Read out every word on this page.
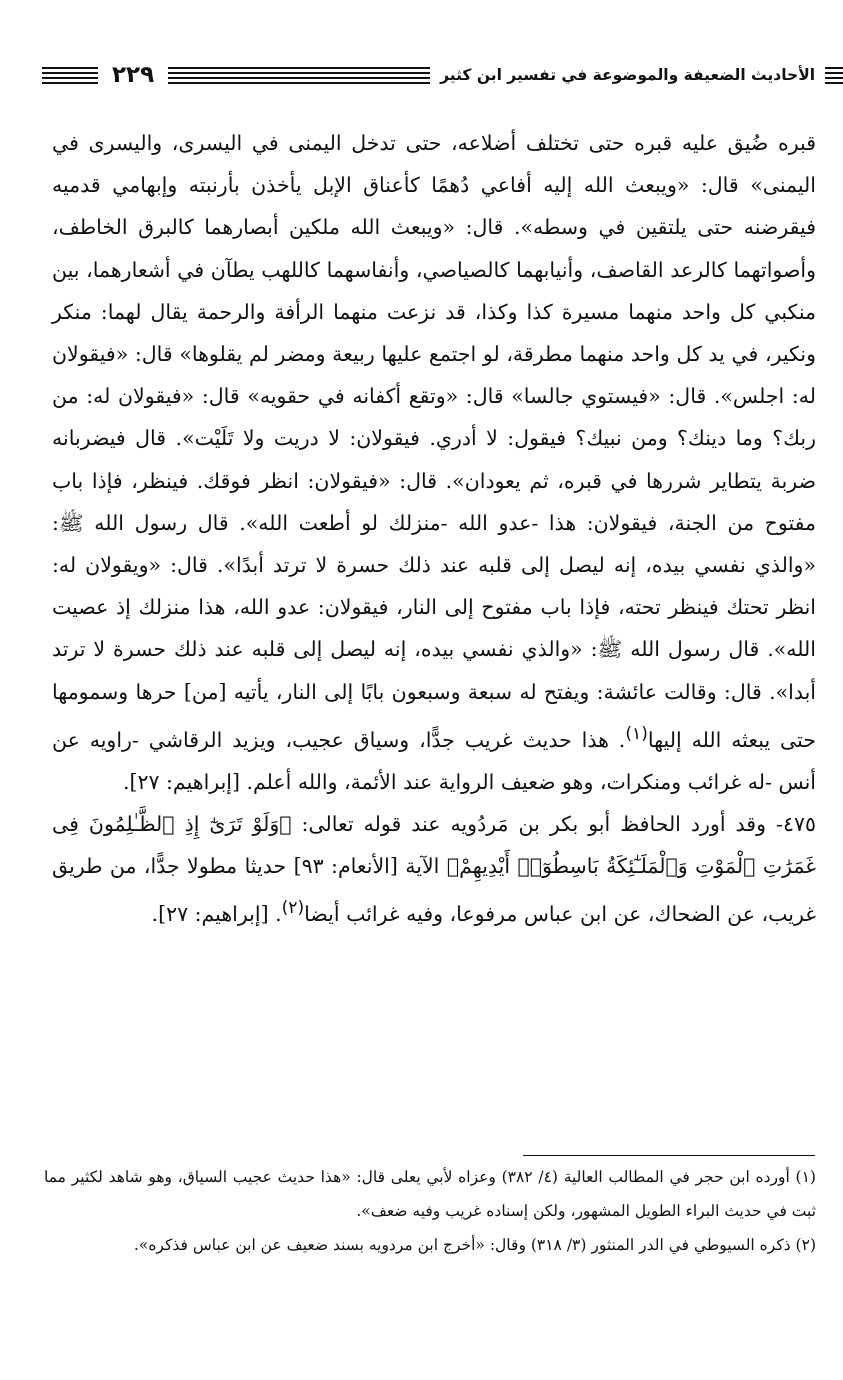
٢٢٩	الأحاديث الضعيفة والموضوعة في تفسير ابن كثير

قبره ضُيق عليه قبره حتى تختلف أضلاعه، حتى تدخل اليمنى في اليسرى، واليسرى في اليمنى» قال: «ويبعث الله إليه أفاعي دُهمًا كأعناق الإبل يأخذن بأرنبته وإبهامي قدميه فيقرضنه حتى يلتقين في وسطه». قال: «ويبعث الله ملكين أبصارهما كالبرق الخاطف، وأصواتهما كالرعد القاصف، وأنيابهما كالصياصي، وأنفاسهما كاللهب يطآن في أشعارهما، بين منكبي كل واحد منهما مسيرة كذا وكذا، قد نزعت منهما الرأفة والرحمة يقال لهما: منكر ونكير، في يد كل واحد منهما مطرقة، لو اجتمع عليها ربيعة ومضر لم يقلوها» قال: «فيقولان له: اجلس». قال: «فيستوي جالسا» قال: «وتقع أكفانه في حقويه» قال: «فيقولان له: من ربك؟ وما دينك؟ ومن نبيك؟ فيقول: لا أدري. فيقولان: لا دريت ولا تَلَيْت». قال فيضربانه ضربة يتطاير شررها في قبره، ثم يعودان». قال: «فيقولان: انظر فوقك. فينظر، فإذا باب مفتوح من الجنة، فيقولان: هذا -عدو الله -منزلك لو أطعت الله». قال رسول الله ﷺ: «والذي نفسي بيده، إنه ليصل إلى قلبه عند ذلك حسرة لا ترتد أبدًا». قال: «ويقولان له: انظر تحتك فينظر تحته، فإذا باب مفتوح إلى النار، فيقولان: عدو الله، هذا منزلك إذ عصيت الله». قال رسول الله ﷺ: «والذي نفسي بيده، إنه ليصل إلى قلبه عند ذلك حسرة لا ترتد أبدا». قال: وقالت عائشة: ويفتح له سبعة وسبعون بابًا إلى النار، يأتيه [من] حرها وسمومها حتى يبعثه الله إليها$^{(١)}$. هذا حديث غريب جدًّا، وسياق عجيب، ويزيد الرقاشي -راويه عن أنس -له غرائب ومنكرات، وهو ضعيف الرواية عند الأئمة، والله أعلم. [إبراهيم: ٢٧].

٤٧٥- وقد أورد الحافظ أبو بكر بن مَردُويه عند قوله تعالى: ﴿وَلَوْ تَرَىٰٓ إِذِ ٱلظَّـٰلِمُونَ فِى غَمَرَٰتِ ٱلْمَوْتِ وَٱلْمَلَـٰٓئِكَةُ بَاسِطُوٓا۟ أَيْدِيهِمْ﴾ الآية [الأنعام: ٩٣] حديثا مطولا جدًّا، من طريق غريب، عن الضحاك، عن ابن عباس مرفوعا، وفيه غرائب أيضا$^{(٢)}$. [إبراهيم: ٢٧].

(١) أورده ابن حجر في المطالب العالية (٤/ ٣٨٢) وعزاه لأبي يعلى قال: «هذا حديث عجيب السياق، وهو شاهد لكثير مما ثبت في حديث البراء الطويل المشهور، ولكن إسناده غريب وفيه ضعف».

(٢) ذكره السيوطي في الدر المنثور (٣/ ٣١٨) وقال: «أخرج ابن مردويه بسند ضعيف عن ابن عباس فذكره».
